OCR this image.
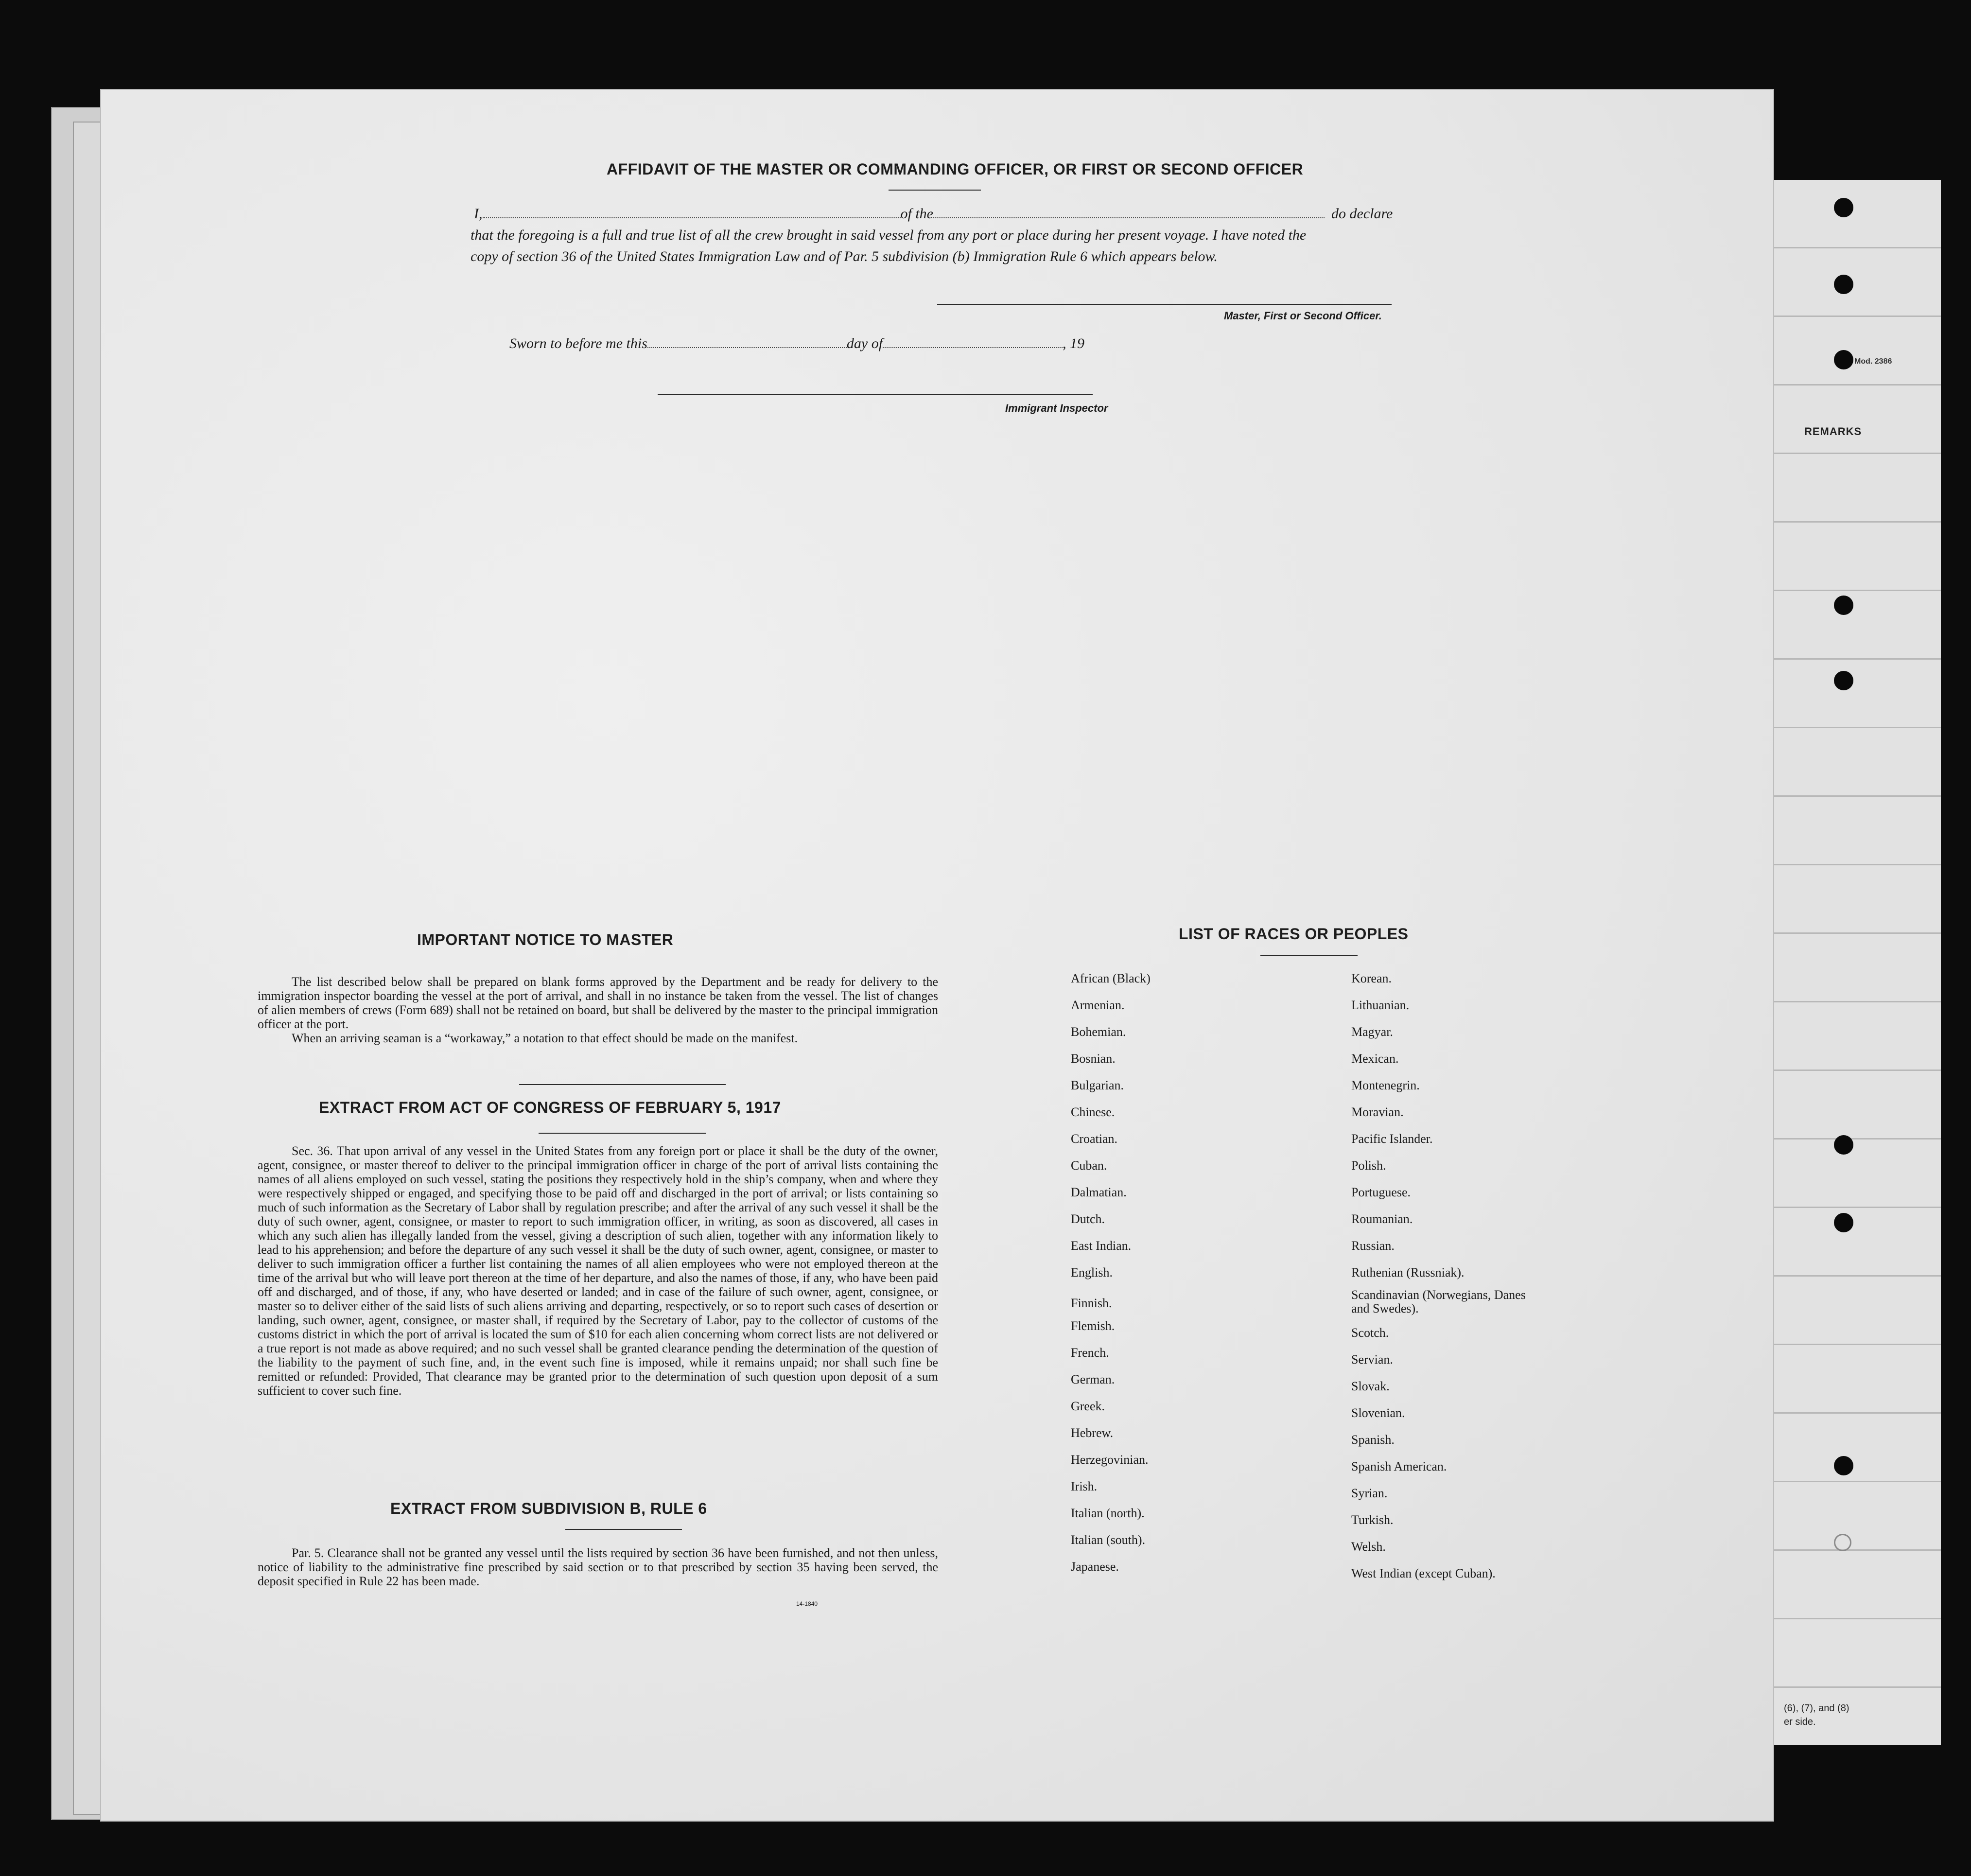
Mod. 2386
REMARKS
(6), (7), and (8)
er side.
AFFIDAVIT OF THE MASTER OR COMMANDING OFFICER, OR FIRST OR SECOND OFFICER
I,	of the	do declare
that the foregoing is a full and true list of all the crew brought in said vessel from any port or place during her present voyage. I have noted the
copy of section 36 of the United States Immigration Law and of Par. 5 subdivision (b) Immigration Rule 6 which appears below.
Master, First or Second Officer.
Sworn to before me this	day of	, 19
Immigrant Inspector
IMPORTANT NOTICE TO MASTER

The list described below shall be prepared on blank forms approved by the Department and be ready for delivery to the immigration inspector boarding the vessel at the port of arrival, and shall in no instance be taken from the vessel. The list of changes of alien members of crews (Form 689) shall not be retained on board, but shall be delivered by the master to the principal immigration officer at the port.

When an arriving seaman is a “workaway,” a notation to that effect should be made on the manifest.

EXTRACT FROM ACT OF CONGRESS OF FEBRUARY 5, 1917

Sec. 36. That upon arrival of any vessel in the United States from any foreign port or place it shall be the duty of the owner, agent, consignee, or master thereof to deliver to the principal immigration officer in charge of the port of arrival lists containing the names of all aliens employed on such vessel, stating the positions they respectively hold in the ship’s company, when and where they were respectively shipped or engaged, and specifying those to be paid off and discharged in the port of arrival; or lists containing so much of such information as the Secretary of Labor shall by regulation prescribe; and after the arrival of any such vessel it shall be the duty of such owner, agent, consignee, or master to report to such immigration officer, in writing, as soon as discovered, all cases in which any such alien has illegally landed from the vessel, giving a description of such alien, together with any information likely to lead to his apprehension; and before the departure of any such vessel it shall be the duty of such owner, agent, consignee, or master to deliver to such immigration officer a further list containing the names of all alien employees who were not employed thereon at the time of the arrival but who will leave port thereon at the time of her departure, and also the names of those, if any, who have been paid off and discharged, and of those, if any, who have deserted or landed; and in case of the failure of such owner, agent, consignee, or master so to deliver either of the said lists of such aliens arriving and departing, respectively, or so to report such cases of desertion or landing, such owner, agent, consignee, or master shall, if required by the Secretary of Labor, pay to the collector of customs of the customs district in which the port of arrival is located the sum of $10 for each alien concerning whom correct lists are not delivered or a true report is not made as above required; and no such vessel shall be granted clearance pending the determination of the question of the liability to the payment of such fine, and, in the event such fine is imposed, while it remains unpaid; nor shall such fine be remitted or refunded: Provided, That clearance may be granted prior to the determination of such question upon deposit of a sum sufficient to cover such fine.

EXTRACT FROM SUBDIVISION B, RULE 6

Par. 5. Clearance shall not be granted any vessel until the lists required by section 36 have been furnished, and not then unless, notice of liability to the administrative fine prescribed by said section or to that prescribed by section 35 having been served, the deposit specified in Rule 22 has been made.

14-1840
LIST OF RACES OR PEOPLES
African (Black)
Armenian.
Bohemian.
Bosnian.
Bulgarian.
Chinese.
Croatian.
Cuban.
Dalmatian.
Dutch.
East Indian.
English.
Finnish.
Flemish.
French.
German.
Greek.
Hebrew.
Herzegovinian.
Irish.
Italian (north).
Italian (south).
Japanese.
Korean.
Lithuanian.
Magyar.
Mexican.
Montenegrin.
Moravian.
Pacific Islander.
Polish.
Portuguese.
Roumanian.
Russian.
Ruthenian (Russniak).
Scandinavian (Norwegians, Danes and Swedes).
Scotch.
Servian.
Slovak.
Slovenian.
Spanish.
Spanish American.
Syrian.
Turkish.
Welsh.
West Indian (except Cuban).
